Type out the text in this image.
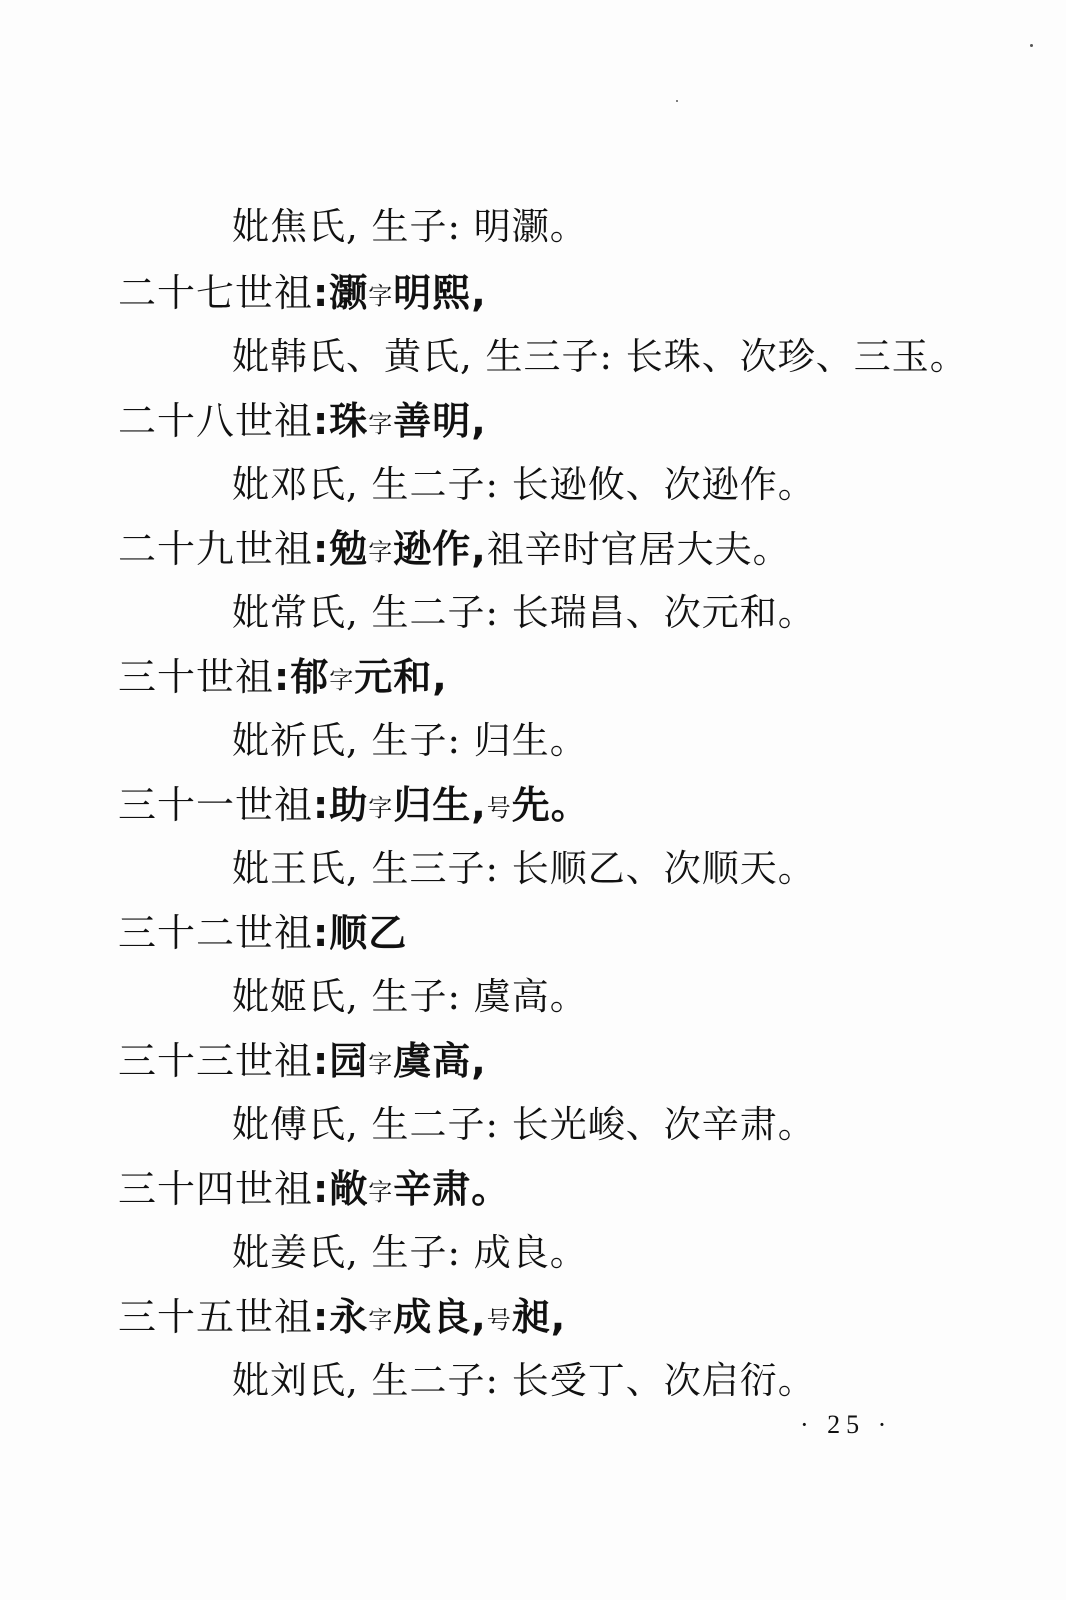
妣焦氏, 生子: 明灏。
二十七世祖:灏字明熙,
妣韩氏、黄氏, 生三子: 长珠、次珍、三玉。
二十八世祖:珠字善明,
妣邓氏, 生二子: 长逊攸、次逊作。
二十九世祖:勉字逊作,祖辛时官居大夫。
妣常氏, 生二子: 长瑞昌、次元和。
三十世祖:郁字元和,
妣祈氏, 生子: 归生。
三十一世祖:助字归生,号先。
妣王氏, 生三子: 长顺乙、次顺天。
三十二世祖:顺乙
妣姬氏, 生子: 虞高。
三十三世祖:园字虞高,
妣傅氏, 生二子: 长光峻、次辛肃。
三十四世祖:敞字辛肃。
妣姜氏, 生子: 成良。
三十五世祖:永字成良,号昶,
妣刘氏, 生二子: 长受丁、次启衍。
· 25 ·
